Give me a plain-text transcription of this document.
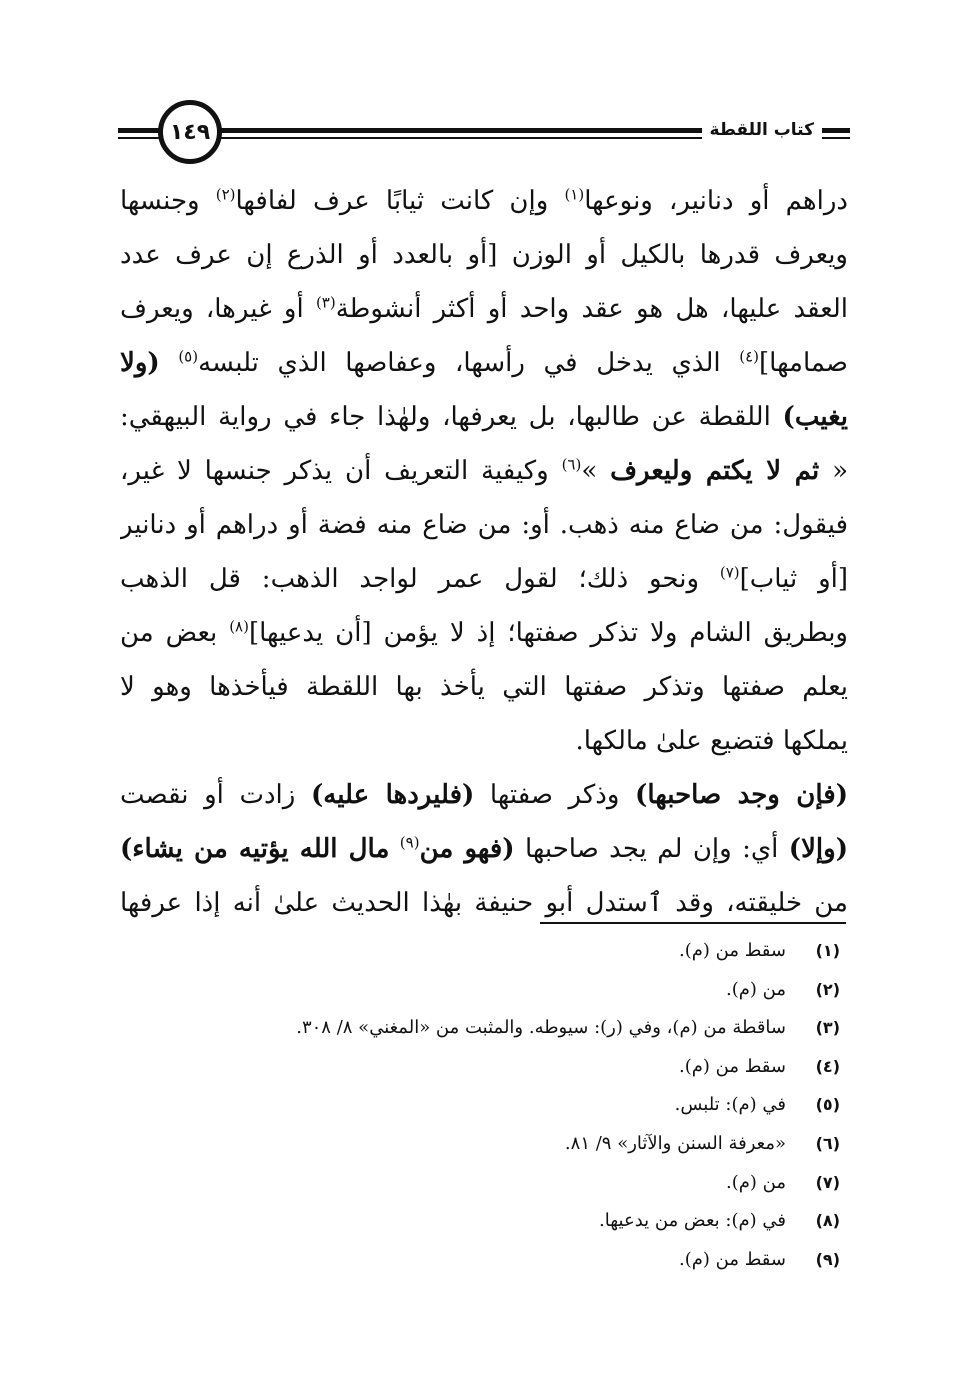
كتاب اللقطة
١٤٩
دراهم أو دنانير، ونوعها$^{(١)}$ وإن كانت ثيابًا عرف لفافها$^{(٢)}$ وجنسها
ويعرف قدرها بالكيل أو الوزن [أو بالعدد أو الذرع إن عرف عدد
العقد عليها، هل هو عقد واحد أو أكثر أنشوطة$^{(٣)}$ أو غيرها، ويعرف
صمامها]$^{(٤)}$ الذي يدخل في رأسها، وعفاصها الذي تلبسه$^{(٥)}$ (ولا
يغيب) اللقطة عن طالبها، بل يعرفها، ولهٰذا جاء في رواية البيهقي:
« ثم لا يكتم وليعرف »$^{(٦)}$ وكيفية التعريف أن يذكر جنسها لا غير،
فيقول: من ضاع منه ذهب. أو: من ضاع منه فضة أو دراهم أو دنانير
[أو ثياب]$^{(٧)}$ ونحو ذلك؛ لقول عمر لواجد الذهب: قل الذهب
وبطريق الشام ولا تذكر صفتها؛ إذ لا يؤمن [أن يدعيها]$^{(٨)}$ بعض من
يعلم صفتها وتذكر صفتها التي يأخذ بها اللقطة فيأخذها وهو لا
يملكها فتضيع علىٰ مالكها.
(فإن وجد صاحبها) وذكر صفتها (فليردها عليه) زادت أو نقصت
(وإلا) أي: وإن لم يجد صاحبها (فهو من$^{(٩)}$ مال الله يؤتيه من يشاء)
من خليقته، وقد ٱستدل أبو حنيفة بهٰذا الحديث علىٰ أنه إذا عرفها
(١)
سقط من (م).
(٢)
من (م).
(٣)
ساقطة من (م)، وفي (ر): سيوطه. والمثبت من «المغني» ٨/ ٣٠٨.
(٤)
سقط من (م).
(٥)
في (م): تلبس.
(٦)
«معرفة السنن والآثار» ٩/ ٨١.
(٧)
من (م).
(٨)
في (م): بعض من يدعيها.
(٩)
سقط من (م).
